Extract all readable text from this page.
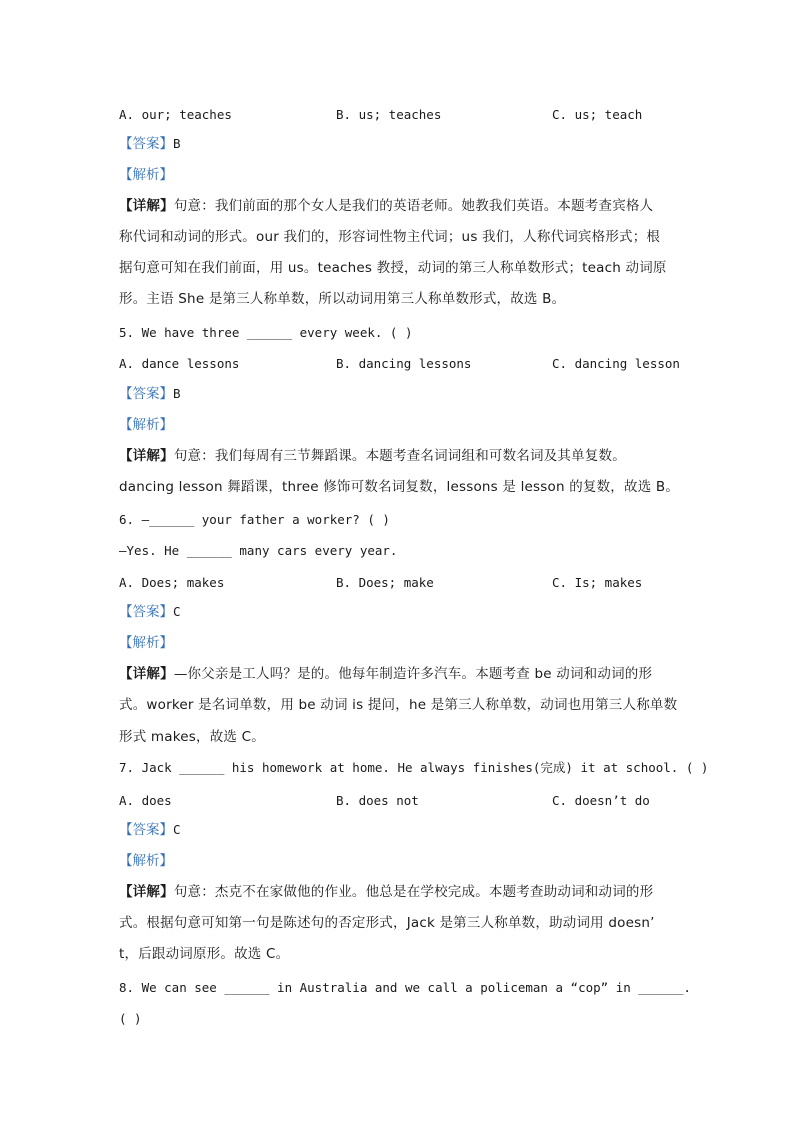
A. our; teaches	B. us; teaches	C. us; teach
【答案】B
【解析】
【详解】句意：我们前面的那个女人是我们的英语老师。她教我们英语。本题考查宾格人
称代词和动词的形式。our 我们的，形容词性物主代词；us 我们，人称代词宾格形式；根
据句意可知在我们前面，用 us。teaches 教授，动词的第三人称单数形式；teach 动词原
形。主语 She 是第三人称单数，所以动词用第三人称单数形式，故选 B。
5. We have three ______ every week. ( )
A. dance lessons	B. dancing lessons	C. dancing lesson
【答案】B
【解析】
【详解】句意：我们每周有三节舞蹈课。本题考查名词词组和可数名词及其单复数。
dancing lesson 舞蹈课，three 修饰可数名词复数，lessons 是 lesson 的复数，故选 B。
6. —______ your father a worker? ( )
—Yes. He ______ many cars every year.
A. Does; makes	B. Does; make	C. Is; makes
【答案】C
【解析】
【详解】—你父亲是工人吗？是的。他每年制造许多汽车。本题考查 be 动词和动词的形
式。worker 是名词单数，用 be 动词 is 提问，he 是第三人称单数，动词也用第三人称单数
形式 makes，故选 C。
7. Jack ______ his homework at home. He always finishes(完成) it at school. ( )
A. does	B. does not	C. doesn’t do
【答案】C
【解析】
【详解】句意：杰克不在家做他的作业。他总是在学校完成。本题考查助动词和动词的形
式。根据句意可知第一句是陈述句的否定形式，Jack 是第三人称单数，助动词用 doesn’
t，后跟动词原形。故选 C。
8. We can see ______ in Australia and we call a policeman a “cop” in ______.
( )
